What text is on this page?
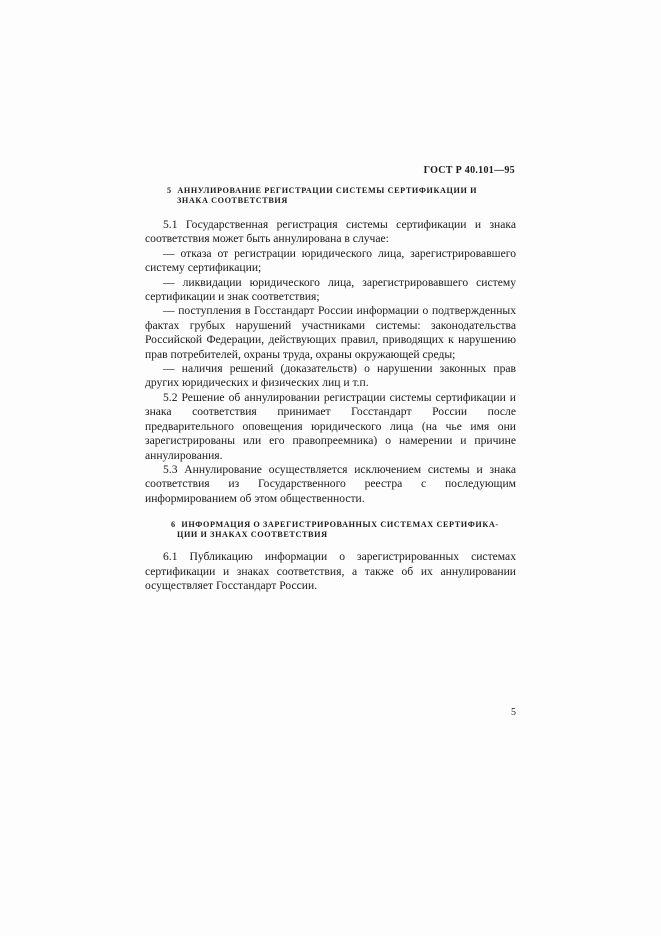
ГОСТ Р 40.101—95
5 АННУЛИРОВАНИЕ РЕГИСТРАЦИИ СИСТЕМЫ СЕРТИФИКАЦИИ И
ЗНАКА СООТВЕТСТВИЯ

5.1 Государственная регистрация системы сертификации и знака соответствия может быть аннулирована в случае:

— отказа от регистрации юридического лица, зарегистрировавшего систему сертификации;

— ликвидации юридического лица, зарегистрировавшего систему сертификации и знак соответствия;

— поступления в Госстандарт России информации о подтвержденных фактах грубых нарушений участниками системы: законодательства Российской Федерации, действующих правил, приводящих к нарушению прав потребителей, охраны труда, охраны окружающей среды;

— наличия решений (доказательств) о нарушении законных прав других юридических и физических лиц и т.п.

5.2 Решение об аннулировании регистрации системы сертификации и знака соответствия принимает Госстандарт России после предварительного оповещения юридического лица (на чье имя они зарегистрированы или его правопреемника) о намерении и причине аннулирования.

5.3 Аннулирование осуществляется исключением системы и знака соответствия из Государственного реестра с последующим информированием об этом общественности.

6 ИНФОРМАЦИЯ О ЗАРЕГИСТРИРОВАННЫХ СИСТЕМАХ СЕРТИФИКА-
ЦИИ И ЗНАКАХ СООТВЕТСТВИЯ

6.1 Публикацию информации о зарегистрированных системах сертификации и знаках соответствия, а также об их аннулировании осуществляет Госстандарт России.

5
